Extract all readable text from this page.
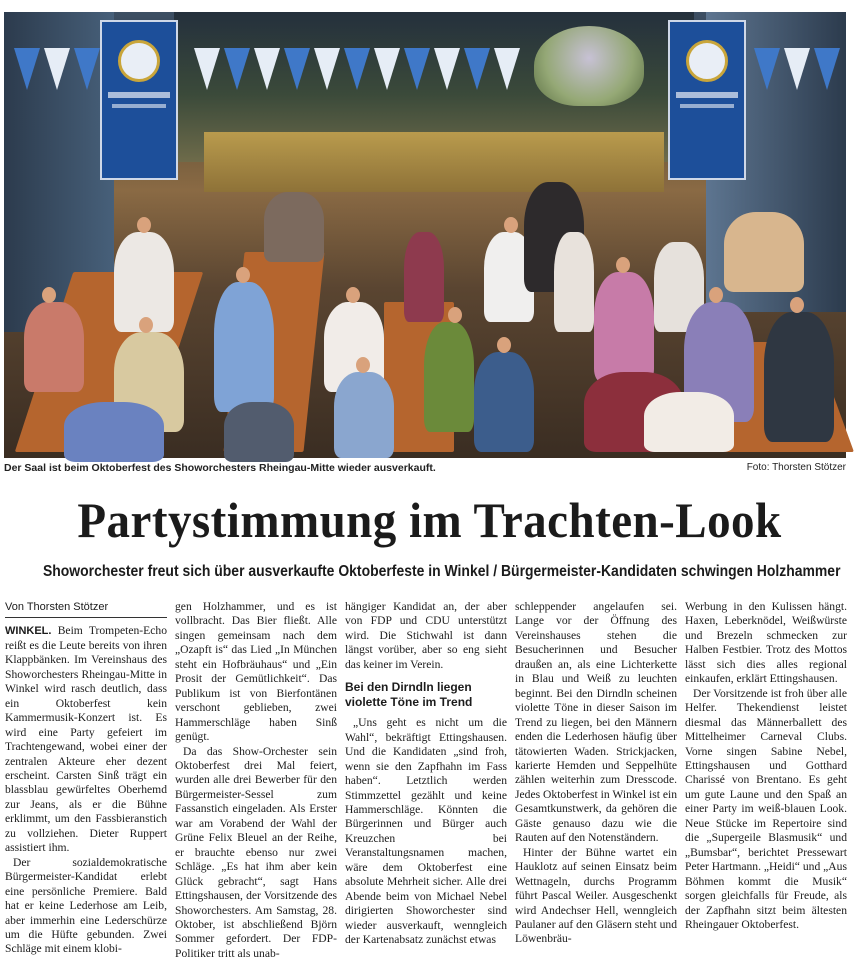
Der Saal ist beim Oktoberfest des Showorchesters Rheingau-Mitte wieder ausverkauft.	Foto: Thorsten Stötzer
Partystimmung im Trachten-Look
Showorchester freut sich über ausverkaufte Oktoberfeste in Winkel / Bürgermeister-Kandidaten schwingen Holzhammer
Von Thorsten Stötzer

WINKEL. Beim Trompeten-Echo reißt es die Leute bereits von ihren Klappbänken. Im Vereinshaus des Showorchesters Rheingau-Mitte in Winkel wird rasch deutlich, dass ein Oktoberfest kein Kammermusik-Konzert ist. Es wird eine Party gefeiert im Trachtengewand, wobei einer der zentralen Akteure eher dezent erscheint. Carsten Sinß trägt ein blassblau gewürfeltes Oberhemd zur Jeans, als er die Bühne erklimmt, um den Fassbieranstich zu vollziehen. Dieter Ruppert assistiert ihm.

Der sozialdemokratische Bürgermeister-Kandidat erlebt eine persönliche Premiere. Bald hat er keine Lederhose am Leib, aber immerhin eine Lederschürze um die Hüfte gebunden. Zwei Schläge mit einem klobi-

gen Holzhammer, und es ist vollbracht. Das Bier fließt. Alle singen gemeinsam nach dem „Ozapft is“ das Lied „In München steht ein Hofbräuhaus“ und „Ein Prosit der Gemütlichkeit“. Das Publikum ist von Bierfontänen verschont geblieben, zwei Hammerschläge haben Sinß genügt.

Da das Show-Orchester sein Oktoberfest drei Mal feiert, wurden alle drei Bewerber für den Bürgermeister-Sessel zum Fassanstich eingeladen. Als Erster war am Vorabend der Wahl der Grüne Felix Bleuel an der Reihe, er brauchte ebenso nur zwei Schläge. „Es hat ihm aber kein Glück gebracht“, sagt Hans Ettingshausen, der Vorsitzende des Showorchesters. Am Samstag, 28. Oktober, ist abschließend Björn Sommer gefordert. Der FDP-Politiker tritt als unab-

hängiger Kandidat an, der aber von FDP und CDU unterstützt wird. Die Stichwahl ist dann längst vorüber, aber so eng sieht das keiner im Verein.

Bei den Dirndln liegen violette Töne im Trend

„Uns geht es nicht um die Wahl“, bekräftigt Ettingshausen. Und die Kandidaten „sind froh, wenn sie den Zapfhahn im Fass haben“. Letztlich werden Stimmzettel gezählt und keine Hammerschläge. Könnten die Bürgerinnen und Bürger auch Kreuzchen bei Veranstaltungsnamen machen, wäre dem Oktoberfest eine absolute Mehrheit sicher. Alle drei Abende beim von Michael Nebel dirigierten Showorchester sind wieder ausverkauft, wenngleich der Kartenabsatz zunächst etwas

schleppender angelaufen sei. Lange vor der Öffnung des Vereinshauses stehen die Besucherinnen und Besucher draußen an, als eine Lichterkette in Blau und Weiß zu leuchten beginnt. Bei den Dirndln scheinen violette Töne in dieser Saison im Trend zu liegen, bei den Männern enden die Lederhosen häufig über tätowierten Waden. Strickjacken, karierte Hemden und Seppelhüte zählen weiterhin zum Dresscode. Jedes Oktoberfest in Winkel ist ein Gesamtkunstwerk, da gehören die Gäste genauso dazu wie die Rauten auf den Notenständern.

Hinter der Bühne wartet ein Hauklotz auf seinen Einsatz beim Wettnageln, durchs Programm führt Pascal Weiler. Ausgeschenkt wird Andechser Hell, wenngleich Paulaner auf den Gläsern steht und Löwenbräu-

Werbung in den Kulissen hängt. Haxen, Leberknödel, Weißwürste und Brezeln schmecken zur Halben Festbier. Trotz des Mottos lässt sich dies alles regional einkaufen, erklärt Ettingshausen.

Der Vorsitzende ist froh über alle Helfer. Thekendienst leistet diesmal das Männerballett des Mittelheimer Carneval Clubs. Vorne singen Sabine Nebel, Ettingshausen und Gotthard Charissé von Brentano. Es geht um gute Laune und den Spaß an einer Party im weiß-blauen Look. Neue Stücke im Repertoire sind die „Supergeile Blasmusik“ und „Bumsbar“, berichtet Pressewart Peter Hartmann. „Heidi“ und „Aus Böhmen kommt die Musik“ sorgen gleichfalls für Freude, als der Zapfhahn sitzt beim ältesten Rheingauer Oktoberfest.
